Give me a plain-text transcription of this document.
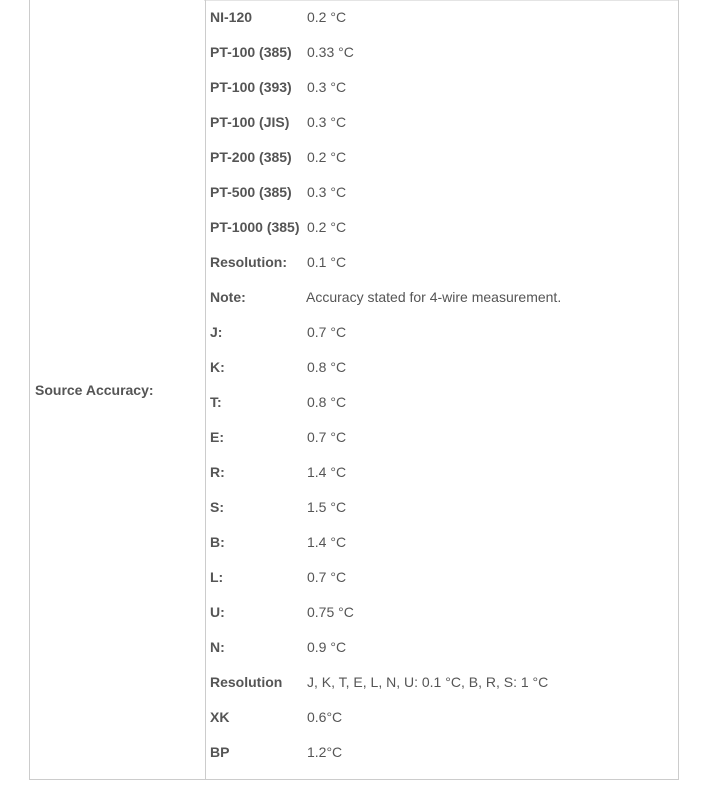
Source Accuracy:
NI-120	0.2 °C
PT-100 (385) 0.33 °C
PT-100 (393) 0.3 °C
PT-100 (JIS) 0.3 °C
PT-200 (385) 0.2 °C
PT-500 (385) 0.3 °C
PT-1000 (385) 0.2 °C
Resolution: 0.1 °C
Note:	Accuracy stated for 4-wire measurement.
J:	0.7 °C
K:	0.8 °C
T:	0.8 °C
E:	0.7 °C
R:	1.4 °C
S:	1.5 °C
B:	1.4 °C
L:	0.7 °C
U:	0.75 °C
N:	0.9 °C
Resolution J, K, T, E, L, N, U: 0.1 °C, B, R, S: 1 °C
XK	0.6°C
BP	1.2°C
